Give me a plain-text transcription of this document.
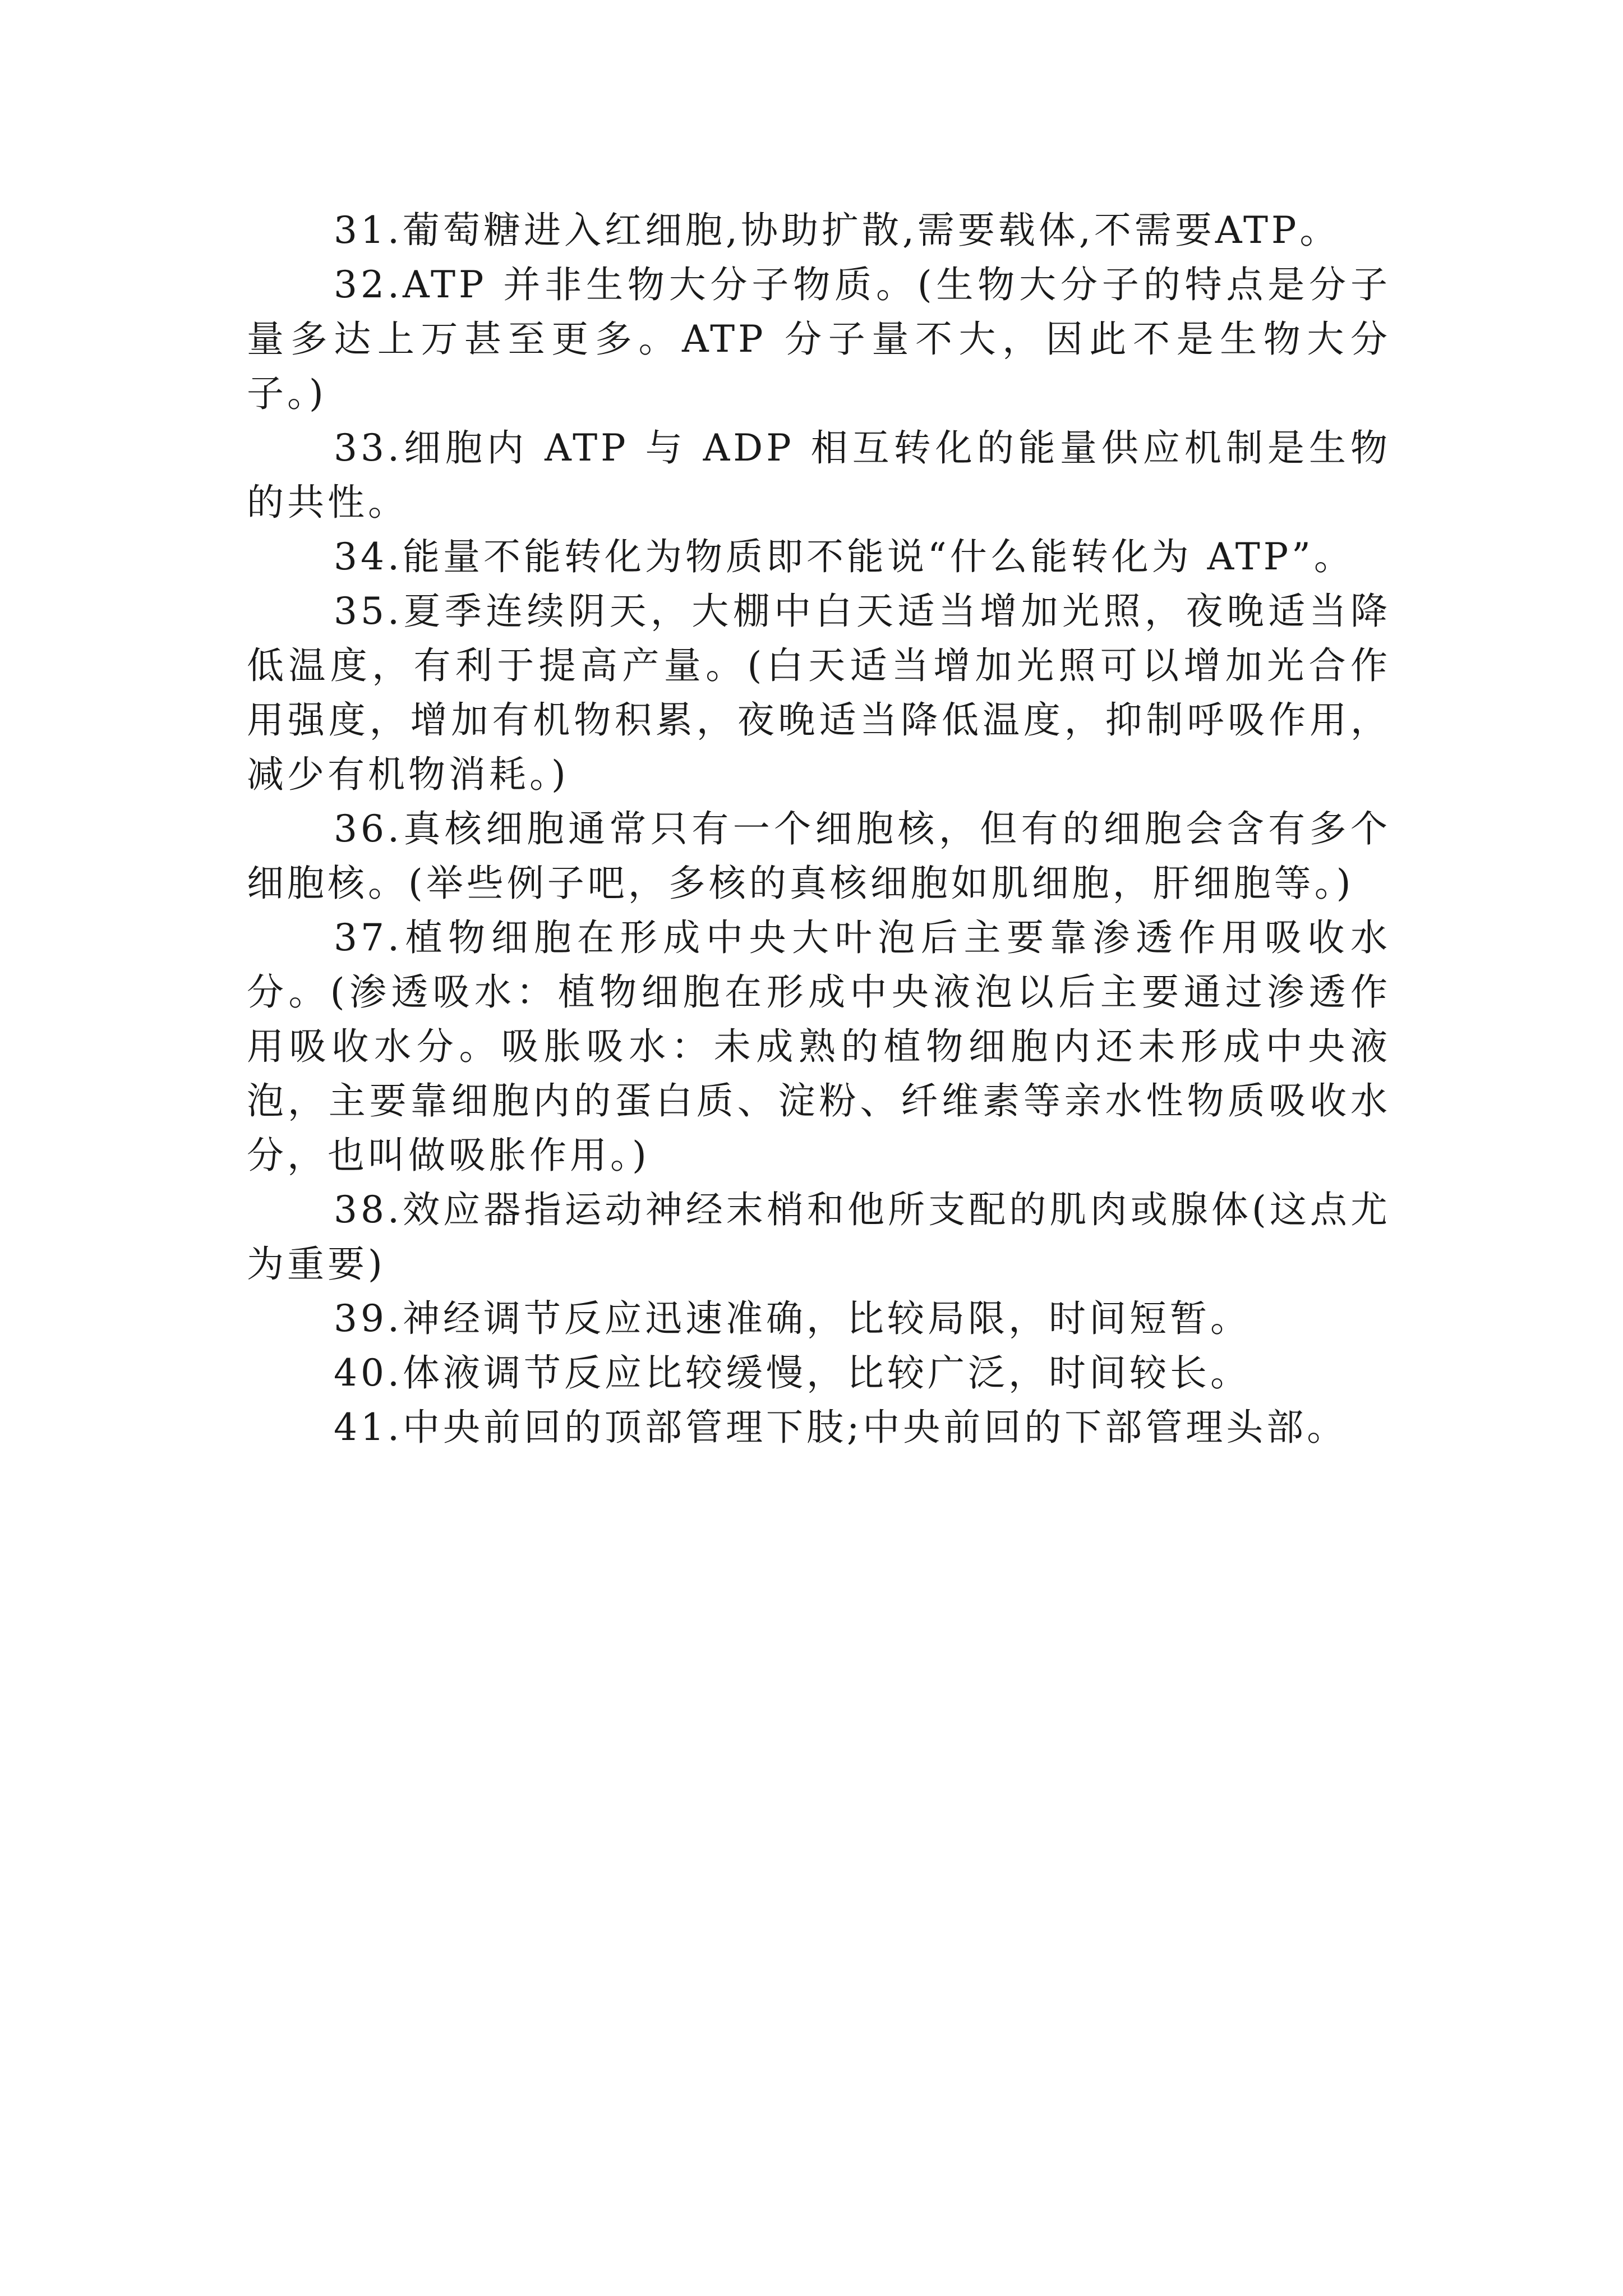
31.葡萄糖进入红细胞,协助扩散,需要载体,不需要ATP。

32.ATP 并非生物大分子物质。(生物大分子的特点是分子量多达上万甚至更多。ATP 分子量不大，因此不是生物大分子。)

33.细胞内 ATP 与 ADP 相互转化的能量供应机制是生物的共性。

34.能量不能转化为物质即不能说“什么能转化为 ATP”。

35.夏季连续阴天，大棚中白天适当增加光照，夜晚适当降低温度，有利于提高产量。(白天适当增加光照可以增加光合作用强度，增加有机物积累，夜晚适当降低温度，抑制呼吸作用，减少有机物消耗。)

36.真核细胞通常只有一个细胞核，但有的细胞会含有多个细胞核。(举些例子吧，多核的真核细胞如肌细胞，肝细胞等。)

37.植物细胞在形成中央大叶泡后主要靠渗透作用吸收水分。(渗透吸水：植物细胞在形成中央液泡以后主要通过渗透作用吸收水分。吸胀吸水：未成熟的植物细胞内还未形成中央液泡，主要靠细胞内的蛋白质、淀粉、纤维素等亲水性物质吸收水分，也叫做吸胀作用。)

38.效应器指运动神经末梢和他所支配的肌肉或腺体(这点尤为重要)

39.神经调节反应迅速准确，比较局限，时间短暂。

40.体液调节反应比较缓慢，比较广泛，时间较长。

41.中央前回的顶部管理下肢;中央前回的下部管理头部。
